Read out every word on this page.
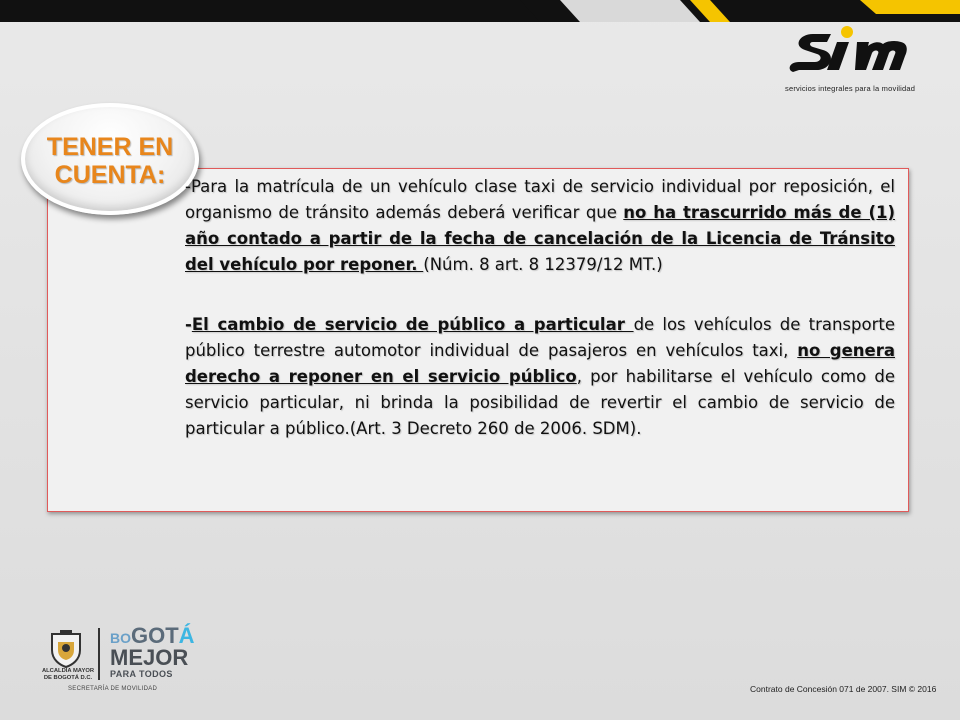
servicios integrales para la movilidad
TENER EN
CUENTA:	-Para la matrícula de un vehículo clase taxi de servicio individual por reposición, el organismo de tránsito además deberá verificar que no ha trascurrido más de (1) año contado a partir de la fecha de cancelación de la Licencia de Tránsito del vehículo por reponer. (Núm. 8 art. 8 12379/12 MT.)

-El cambio de servicio de público a particular de los vehículos de transporte público terrestre automotor individual de pasajeros en vehículos taxi, no genera derecho a reponer en el servicio público, por habilitarse el vehículo como de servicio particular, ni brinda la posibilidad de revertir el cambio de servicio de particular a público.(Art. 3 Decreto 260 de 2006. SDM).

ALCALDÍA MAYOR DE BOGOTÁ D.C.
BOGOTÁ
MEJOR
PARA TODOS
SECRETARÍA DE MOVILIDAD	Contrato de Concesión 071 de 2007. SIM © 2016
